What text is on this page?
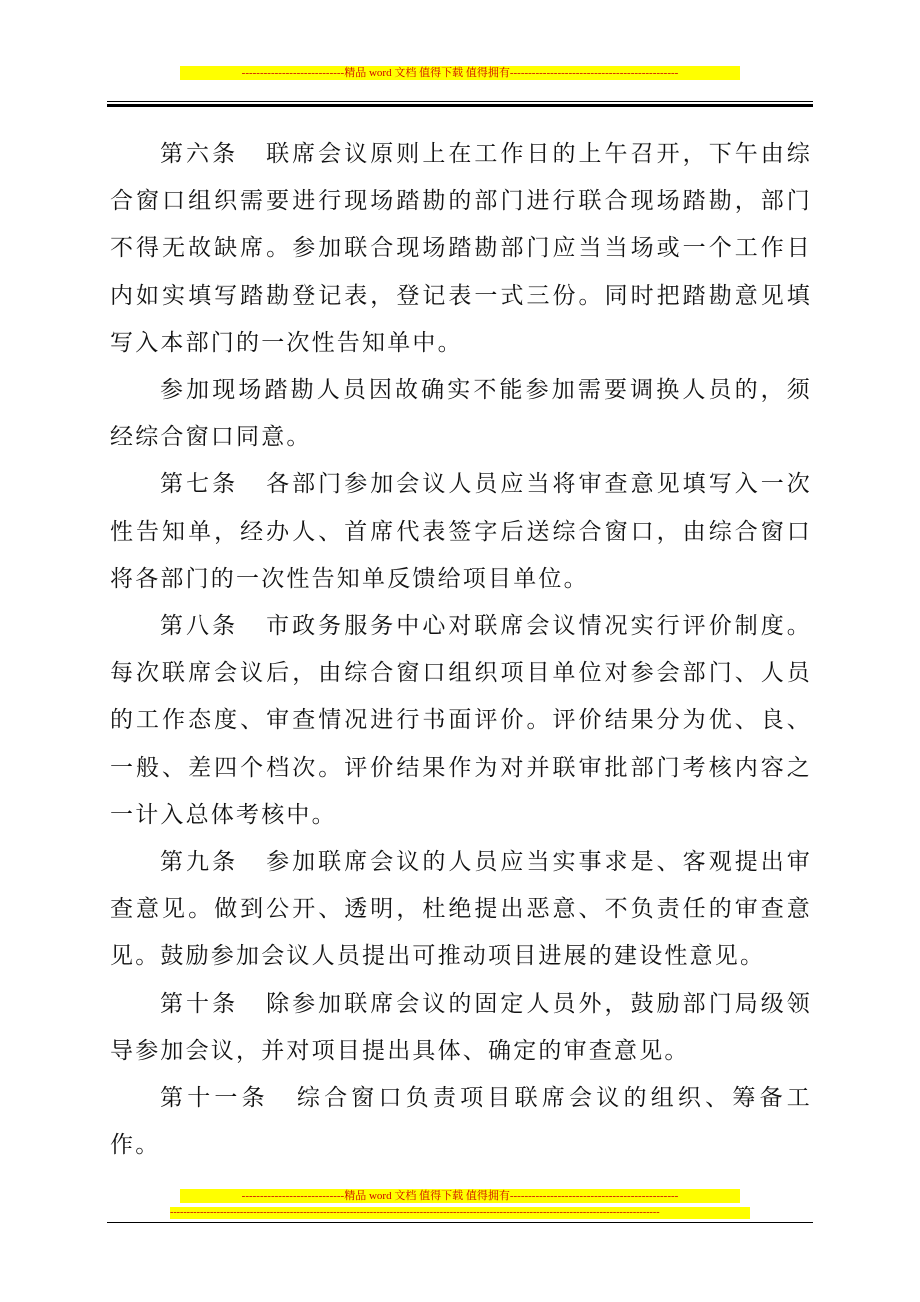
----------------------------精品 word 文档 值得下载 值得拥有----------------------------------------------

第六条 联席会议原则上在工作日的上午召开，下午由综合窗口组织需要进行现场踏勘的部门进行联合现场踏勘，部门不得无故缺席。参加联合现场踏勘部门应当当场或一个工作日内如实填写踏勘登记表，登记表一式三份。同时把踏勘意见填写入本部门的一次性告知单中。

参加现场踏勘人员因故确实不能参加需要调换人员的，须经综合窗口同意。

第七条 各部门参加会议人员应当将审查意见填写入一次性告知单，经办人、首席代表签字后送综合窗口，由综合窗口将各部门的一次性告知单反馈给项目单位。

第八条 市政务服务中心对联席会议情况实行评价制度。每次联席会议后，由综合窗口组织项目单位对参会部门、人员的工作态度、审查情况进行书面评价。评价结果分为优、良、一般、差四个档次。评价结果作为对并联审批部门考核内容之一计入总体考核中。

第九条 参加联席会议的人员应当实事求是、客观提出审查意见。做到公开、透明，杜绝提出恶意、不负责任的审查意见。鼓励参加会议人员提出可推动项目进展的建设性意见。

第十条 除参加联席会议的固定人员外，鼓励部门局级领导参加会议，并对项目提出具体、确定的审查意见。

第十一条 综合窗口负责项目联席会议的组织、筹备工作。

----------------------------精品 word 文档 值得下载 值得拥有----------------------------------------------
---------------------------------------------------------------------------------------------------------------------------------------------------
